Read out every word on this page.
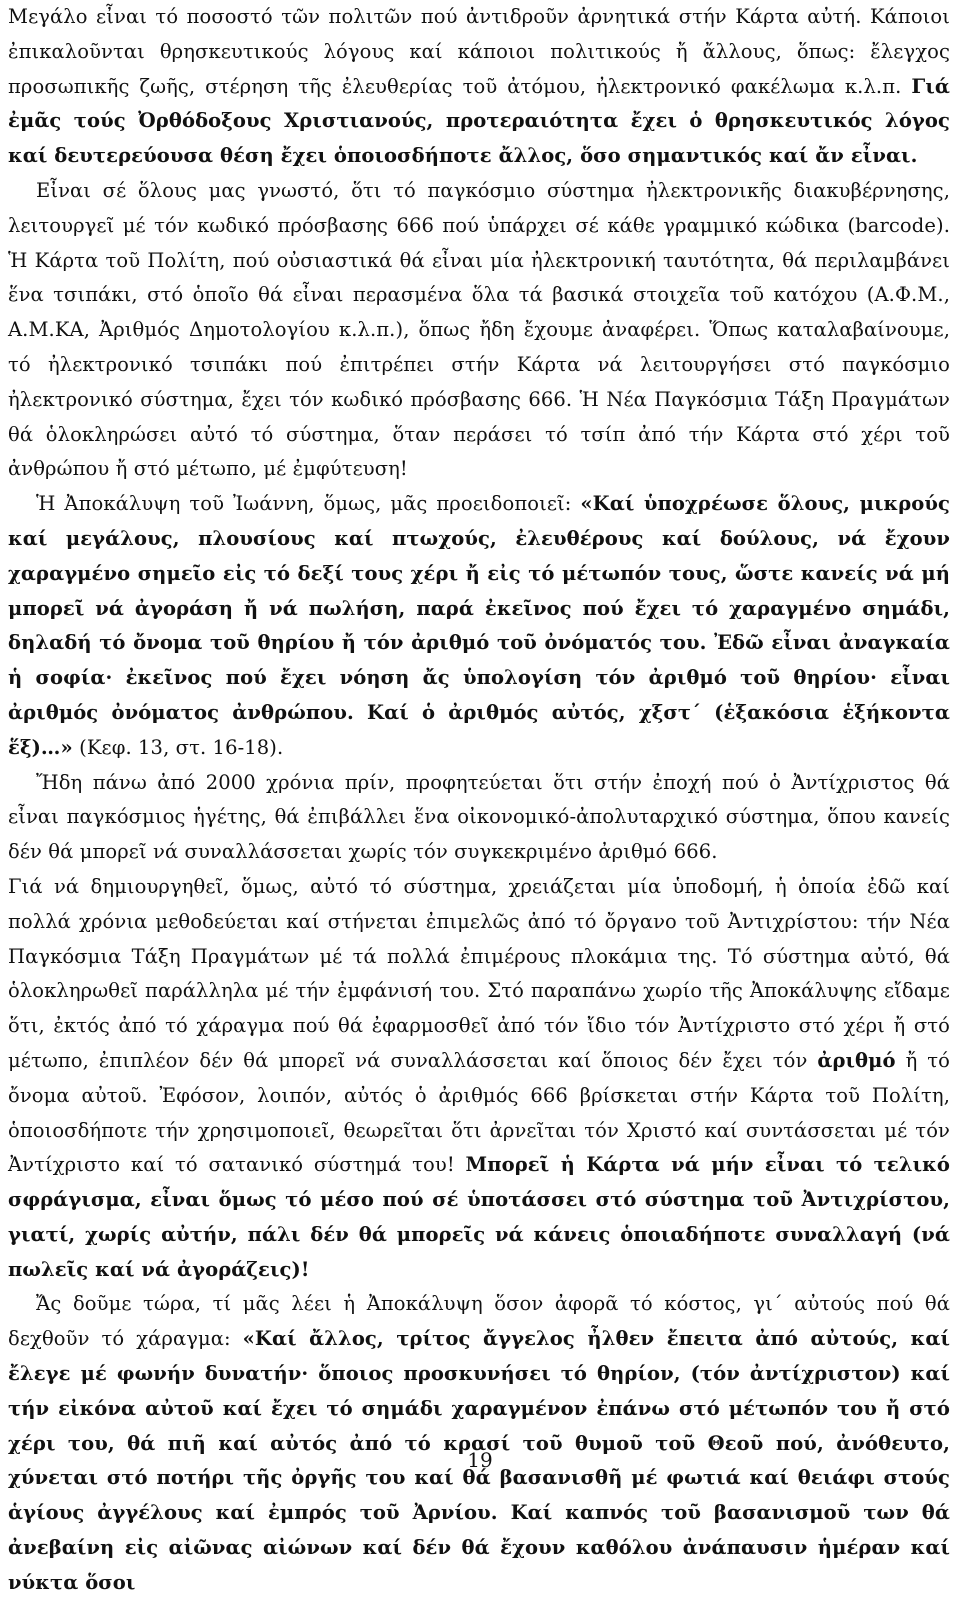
Μεγάλο εἶναι τό ποσοστό τῶν πολιτῶν πού ἀντιδροῦν ἀρνητικά στήν Κάρτα αὐτή. Κάποιοι ἐπικαλοῦνται θρησκευτικούς λόγους καί κάποιοι πολιτικούς ἤ ἄλλους, ὅπως: ἔλεγχος προσωπικῆς ζωῆς, στέρηση τῆς ἐλευθερίας τοῦ ἀτόμου, ἠλεκτρονικό φακέλωμα κ.λ.π. Γιά ἐμᾶς τούς Ὀρθόδοξους Χριστιανούς, προτεραιότητα ἔχει ὁ θρησκευτικός λόγος καί δευτερεύουσα θέση ἔχει ὁποιοσδήποτε ἄλλος, ὅσο σημαντικός καί ἄν εἶναι.

Εἶναι σέ ὅλους μας γνωστό, ὅτι τό παγκόσμιο σύστημα ἠλεκτρονικῆς διακυβέρνησης, λειτουργεῖ μέ τόν κωδικό πρόσβασης 666 πού ὑπάρχει σέ κάθε γραμμικό κώδικα (barcode). Ἡ Κάρτα τοῦ Πολίτη, πού οὐσιαστικά θά εἶναι μία ἠλεκτρονική ταυτότητα, θά περιλαμβάνει ἕνα τσιπάκι, στό ὁποῖο θά εἶναι περασμένα ὅλα τά βασικά στοιχεῖα τοῦ κατόχου (Α.Φ.Μ., Α.Μ.ΚΑ, Ἀριθμός Δημοτολογίου κ.λ.π.), ὅπως ἤδη ἔχουμε ἀναφέρει. Ὅπως καταλαβαίνουμε, τό ἠλεκτρονικό τσιπάκι πού ἐπιτρέπει στήν Κάρτα νά λειτουργήσει στό παγκόσμιο ἠλεκτρονικό σύστημα, ἔχει τόν κωδικό πρόσβασης 666. Ἡ Νέα Παγκόσμια Τάξη Πραγμάτων θά ὁλοκληρώσει αὐτό τό σύστημα, ὅταν περάσει τό τσίπ ἀπό τήν Κάρτα στό χέρι τοῦ ἀνθρώπου ἤ στό μέτωπο, μέ ἐμφύτευση!

Ἡ Ἀποκάλυψη τοῦ Ἰωάννη, ὅμως, μᾶς προειδοποιεῖ: «Καί ὑποχρέωσε ὅλους, μικρούς καί μεγάλους, πλουσίους καί πτωχούς, ἐλευθέρους καί δούλους, νά ἔχουν χαραγμένο σημεῖο εἰς τό δεξί τους χέρι ἤ εἰς τό μέτωπόν τους, ὥστε κανείς νά μή μπορεῖ νά ἀγοράση ἤ νά πωλήση, παρά ἐκεῖνος πού ἔχει τό χαραγμένο σημάδι, δηλαδή τό ὄνομα τοῦ θηρίου ἤ τόν ἀριθμό τοῦ ὀνόματός του. Ἐδῶ εἶναι ἀναγκαία ἡ σοφία· ἐκεῖνος πού ἔχει νόηση ἄς ὑπολογίση τόν ἀριθμό τοῦ θηρίου· εἶναι ἀριθμός ὀνόματος ἀνθρώπου. Καί ὁ ἀριθμός αὐτός, χξστ΄ (ἑξακόσια ἑξήκοντα ἕξ)…» (Κεφ. 13, στ. 16-18).

Ἤδη πάνω ἀπό 2000 χρόνια πρίν, προφητεύεται ὅτι στήν ἐποχή πού ὁ Ἀντίχριστος θά εἶναι παγκόσμιος ἡγέτης, θά ἐπιβάλλει ἕνα οἰκονομικό-ἀπολυταρχικό σύστημα, ὅπου κανείς δέν θά μπορεῖ νά συναλλάσσεται χωρίς τόν συγκεκριμένο ἀριθμό 666.

Γιά νά δημιουργηθεῖ, ὅμως, αὐτό τό σύστημα, χρειάζεται μία ὑποδομή, ἡ ὁποία ἐδῶ καί πολλά χρόνια μεθοδεύεται καί στήνεται ἐπιμελῶς ἀπό τό ὄργανο τοῦ Ἀντιχρίστου: τήν Νέα Παγκόσμια Τάξη Πραγμάτων μέ τά πολλά ἐπιμέρους πλοκάμια της. Τό σύστημα αὐτό, θά ὁλοκληρωθεῖ παράλληλα μέ τήν ἐμφάνισή του. Στό παραπάνω χωρίο τῆς Ἀποκάλυψης εἴδαμε ὅτι, ἐκτός ἀπό τό χάραγμα πού θά ἐφαρμοσθεῖ ἀπό τόν ἴδιο τόν Ἀντίχριστο στό χέρι ἤ στό μέτωπο, ἐπιπλέον δέν θά μπορεῖ νά συναλλάσσεται καί ὅποιος δέν ἔχει τόν ἀριθμό ἤ τό ὄνομα αὐτοῦ. Ἐφόσον, λοιπόν, αὐτός ὁ ἀριθμός 666 βρίσκεται στήν Κάρτα τοῦ Πολίτη, ὁποιοσδήποτε τήν χρησιμοποιεῖ, θεωρεῖται ὅτι ἀρνεῖται τόν Χριστό καί συντάσσεται μέ τόν Ἀντίχριστο καί τό σατανικό σύστημά του! Μπορεῖ ἡ Κάρτα νά μήν εἶναι τό τελικό σφράγισμα, εἶναι ὅμως τό μέσο πού σέ ὑποτάσσει στό σύστημα τοῦ Ἀντιχρίστου, γιατί, χωρίς αὐτήν, πάλι δέν θά μπορεῖς νά κάνεις ὁποιαδήποτε συναλλαγή (νά πωλεῖς καί νά ἀγοράζεις)!

Ἄς δοῦμε τώρα, τί μᾶς λέει ἡ Ἀποκάλυψη ὅσον ἀφορᾶ τό κόστος, γι΄ αὐτούς πού θά δεχθοῦν τό χάραγμα: «Καί ἄλλος, τρίτος ἄγγελος ἦλθεν ἔπειτα ἀπό αὐτούς, καί ἔλεγε μέ φωνήν δυνατήν· ὅποιος προσκυνήσει τό θηρίον, (τόν ἀντίχριστον) καί τήν εἰκόνα αὐτοῦ καί ἔχει τό σημάδι χαραγμένον ἐπάνω στό μέτωπόν του ἤ στό χέρι του, θά πιῆ καί αὐτός ἀπό τό κρασί τοῦ θυμοῦ τοῦ Θεοῦ πού, ἀνόθευτο, χύνεται στό ποτήρι τῆς ὀργῆς του καί θά βασανισθῆ μέ φωτιά καί θειάφι στούς ἁγίους ἀγγέλους καί ἐμπρός τοῦ Ἀρνίου. Καί καπνός τοῦ βασανισμοῦ των θά ἀνεβαίνη εἰς αἰῶνας αἰώνων καί δέν θά ἔχουν καθόλου ἀνάπαυσιν ἡμέραν καί νύκτα ὅσοι

19
